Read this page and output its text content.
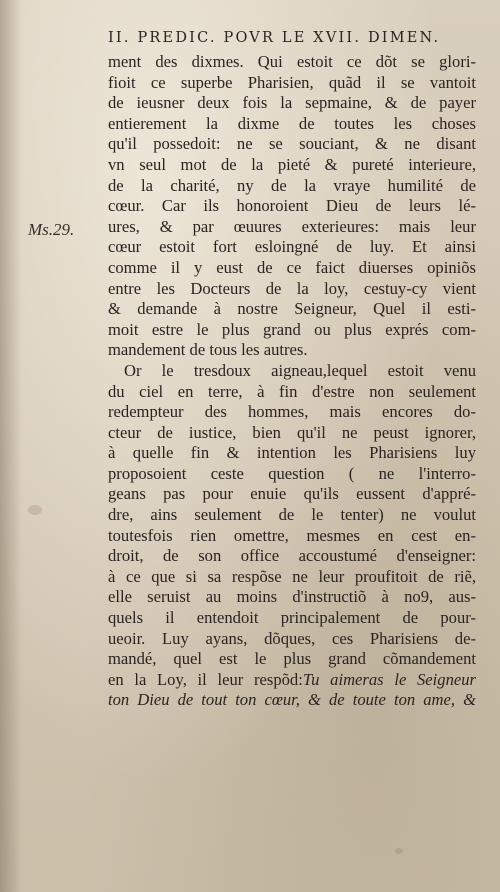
II. PREDIC. POVR LE XVII. DIMEN.
Ms.29.
ment des dixmes. Qui estoit ce dõt se glori-
fioit ce superbe Pharisien, quãd il se vantoit
de ieusner deux fois la sepmaine, & de payer
entierement la dixme de toutes les choses
qu'il possedoit: ne se souciant, & ne disant
vn seul mot de la pieté & pureté interieure,
de la charité, ny de la vraye humilité de
cœur. Car ils honoroient Dieu de leurs lé-
ures, & par œuures exterieures: mais leur
cœur estoit fort esloingné de luy. Et ainsi
comme il y eust de ce faict diuerses opiniõs
entre les Docteurs de la loy, cestuy-cy vient
& demande à nostre Seigneur, Quel il esti-
moit estre le plus grand ou plus exprés com-
mandement de tous les autres.
Or le tresdoux aigneau,lequel estoit venu
du ciel en terre, à fin d'estre non seulement
redempteur des hommes, mais encores do-
cteur de iustice, bien qu'il ne peust ignorer,
à quelle fin & intention les Pharisiens luy
proposoient ceste question ( ne l'interro-
geans pas pour enuie qu'ils eussent d'appré-
dre, ains seulement de le tenter) ne voulut
toutesfois rien omettre, mesmes en cest en-
droit, de son office accoustumé d'enseigner:
à ce que si sa respõse ne leur proufitoit de riẽ,
elle seruist au moins d'instructiõ à no9, aus-
quels il entendoit principalement de pour-
ueoir. Luy ayans, dõques, ces Pharisiens de-
mandé, quel est le plus grand cõmandement
en la Loy, il leur respõd:Tu aimeras le Seigneur
ton Dieu de tout ton cœur, & de toute ton ame, &
